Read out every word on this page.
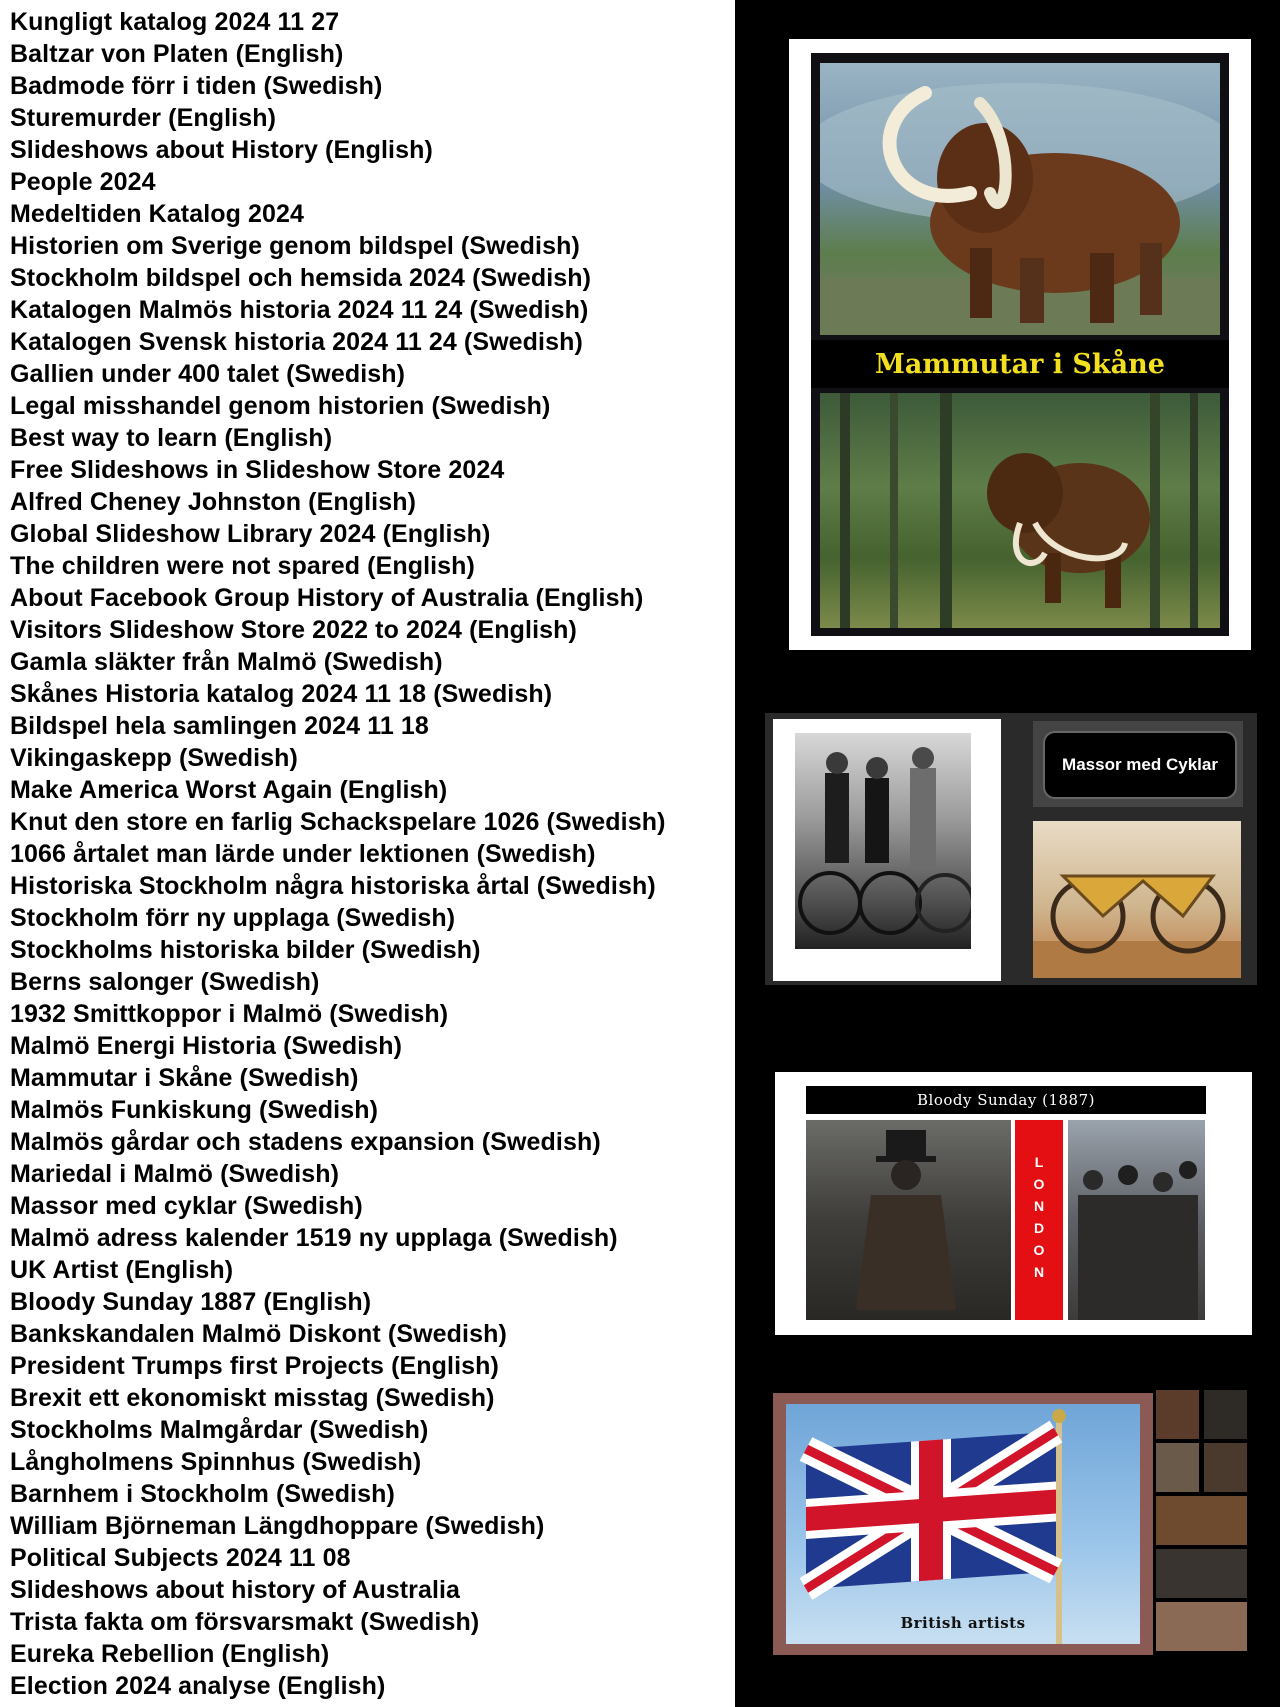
Kungligt katalog 2024 11 27
Baltzar von Platen (English)
Badmode förr i tiden (Swedish)
Sturemurder (English)
Slideshows about History (English)
People 2024
Medeltiden Katalog 2024
Historien om Sverige genom bildspel (Swedish)
Stockholm bildspel och hemsida 2024 (Swedish)
Katalogen Malmös historia 2024 11 24 (Swedish)
Katalogen Svensk historia 2024 11 24 (Swedish)
Gallien under 400 talet (Swedish)
Legal misshandel genom historien (Swedish)
Best way to learn (English)
Free Slideshows in Slideshow Store 2024
Alfred Cheney Johnston (English)
Global Slideshow Library 2024 (English)
The children were not spared (English)
About Facebook Group History of Australia (English)
Visitors Slideshow Store 2022 to 2024 (English)
Gamla släkter från Malmö (Swedish)
Skånes Historia katalog 2024 11 18 (Swedish)
Bildspel hela samlingen 2024 11 18
Vikingaskepp (Swedish)
Make America Worst Again (English)
Knut den store en farlig Schackspelare 1026 (Swedish)
1066 årtalet man lärde under lektionen (Swedish)
Historiska Stockholm några historiska årtal (Swedish)
Stockholm förr ny upplaga (Swedish)
Stockholms historiska bilder (Swedish)
Berns salonger (Swedish)
1932 Smittkoppor i Malmö (Swedish)
Malmö Energi Historia (Swedish)
Mammutar i Skåne (Swedish)
Malmös Funkiskung (Swedish)
Malmös gårdar och stadens expansion (Swedish)
Mariedal i Malmö (Swedish)
Massor med cyklar (Swedish)
Malmö adress kalender 1519 ny upplaga (Swedish)
UK Artist (English)
Bloody Sunday 1887 (English)
Bankskandalen Malmö Diskont (Swedish)
President Trumps first Projects (English)
Brexit ett ekonomiskt misstag (Swedish)
Stockholms Malmgårdar (Swedish)
Långholmens Spinnhus (Swedish)
Barnhem i Stockholm (Swedish)
William Björneman Längdhoppare (Swedish)
Political Subjects 2024 11 08
Slideshows about history of Australia
Trista fakta om försvarsmakt (Swedish)
Eureka Rebellion (English)
Election 2024 analyse (English)
Mammutar i Skåne
Massor med Cyklar
Bloody Sunday (1887)
LONDON
British artists
